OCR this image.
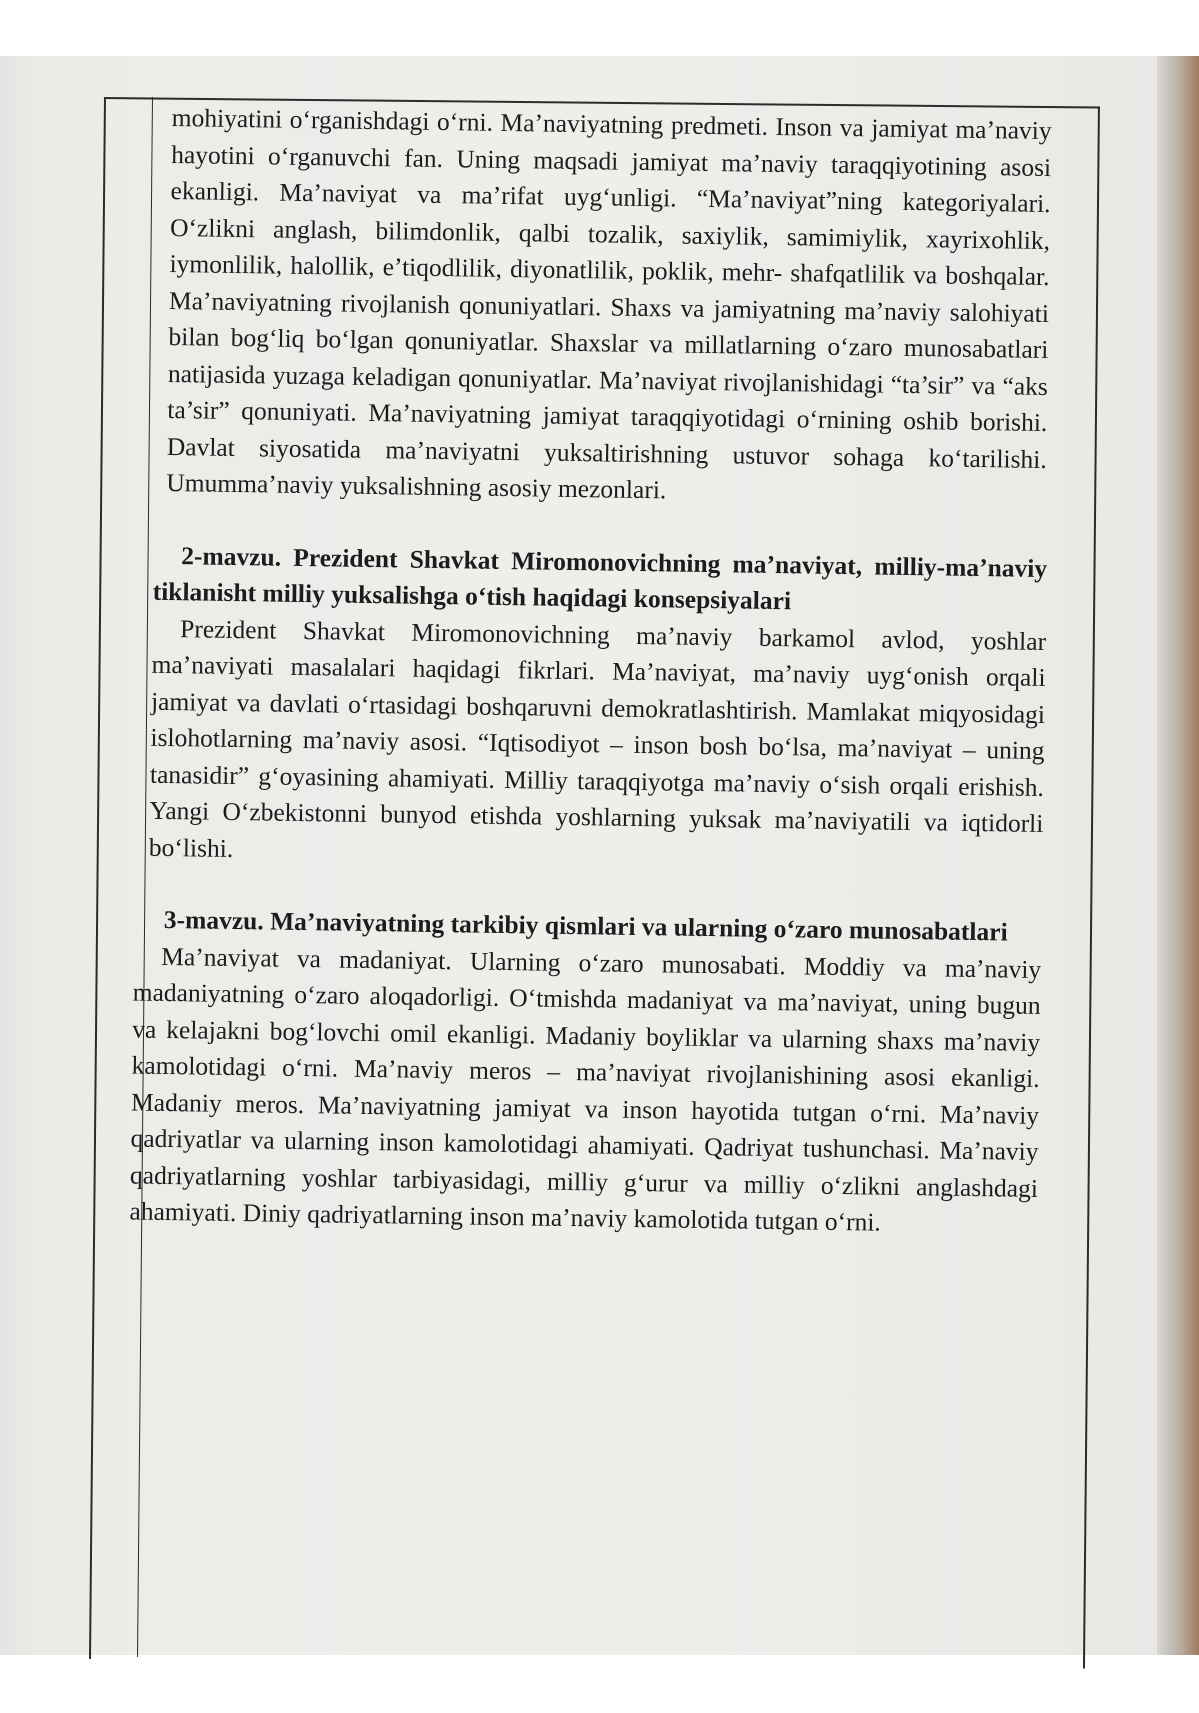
mohiyatini o‘rganishdagi o‘rni. Ma’naviyatning predmeti. Inson va jamiyat ma’naviy hayotini o‘rganuvchi fan. Uning maqsadi jamiyat ma’naviy taraqqiyotining asosi ekanligi. Ma’naviyat va ma’rifat uyg‘unligi. “Ma’naviyat”ning kategoriyalari. O‘zlikni anglash, bilimdonlik, qalbi tozalik, saxiylik, samimiylik, xayrixohlik, iymonlilik, halollik, e’tiqodlilik, diyonatlilik, poklik, mehr- shafqatlilik va boshqalar. Ma’naviyatning rivojlanish qonuniyatlari. Shaxs va jamiyatning ma’naviy salohiyati bilan bog‘liq bo‘lgan qonuniyatlar. Shaxslar va millatlarning o‘zaro munosabatlari natijasida yuzaga keladigan qonuniyatlar. Ma’naviyat rivojlanishidagi “ta’sir” va “aks ta’sir” qonuniyati. Ma’naviyatning jamiyat taraqqiyotidagi o‘rnining oshib borishi. Davlat siyosatida ma’naviyatni yuksaltirishning ustuvor sohaga ko‘tarilishi. Umumma’naviy yuksalishning asosiy mezonlari.

2-mavzu. Prezident Shavkat Miromonovichning ma’naviyat, milliy-ma’naviy tiklanisht milliy yuksalishga o‘tish haqidagi konsepsiyalari

Prezident Shavkat Miromonovichning ma’naviy barkamol avlod, yoshlar ma’naviyati masalalari haqidagi fikrlari. Ma’naviyat, ma’naviy uyg‘onish orqali jamiyat va davlati o‘rtasidagi boshqaruvni demokratlashtirish. Mamlakat miqyosidagi islohotlarning ma’naviy asosi. “Iqtisodiyot – inson bosh bo‘lsa, ma’naviyat – uning tanasidir” g‘oyasining ahamiyati. Milliy taraqqiyotga ma’naviy o‘sish orqali erishish. Yangi O‘zbekistonni bunyod etishda yoshlarning yuksak ma’naviyatili va iqtidorli bo‘lishi.

3-mavzu. Ma’naviyatning tarkibiy qismlari va ularning o‘zaro munosabatlari

Ma’naviyat va madaniyat. Ularning o‘zaro munosabati. Moddiy va ma’naviy madaniyatning o‘zaro aloqadorligi. O‘tmishda madaniyat va ma’naviyat, uning bugun va kelajakni bog‘lovchi omil ekanligi. Madaniy boyliklar va ularning shaxs ma’naviy kamolotidagi o‘rni. Ma’naviy meros – ma’naviyat rivojlanishining asosi ekanligi. Madaniy meros. Ma’naviyatning jamiyat va inson hayotida tutgan o‘rni. Ma’naviy qadriyatlar va ularning inson kamolotidagi ahamiyati. Qadriyat tushunchasi. Ma’naviy qadriyatlarning yoshlar tarbiyasidagi, milliy g‘urur va milliy o‘zlikni anglashdagi ahamiyati. Diniy qadriyatlarning inson ma’naviy kamolotida tutgan o‘rni.
